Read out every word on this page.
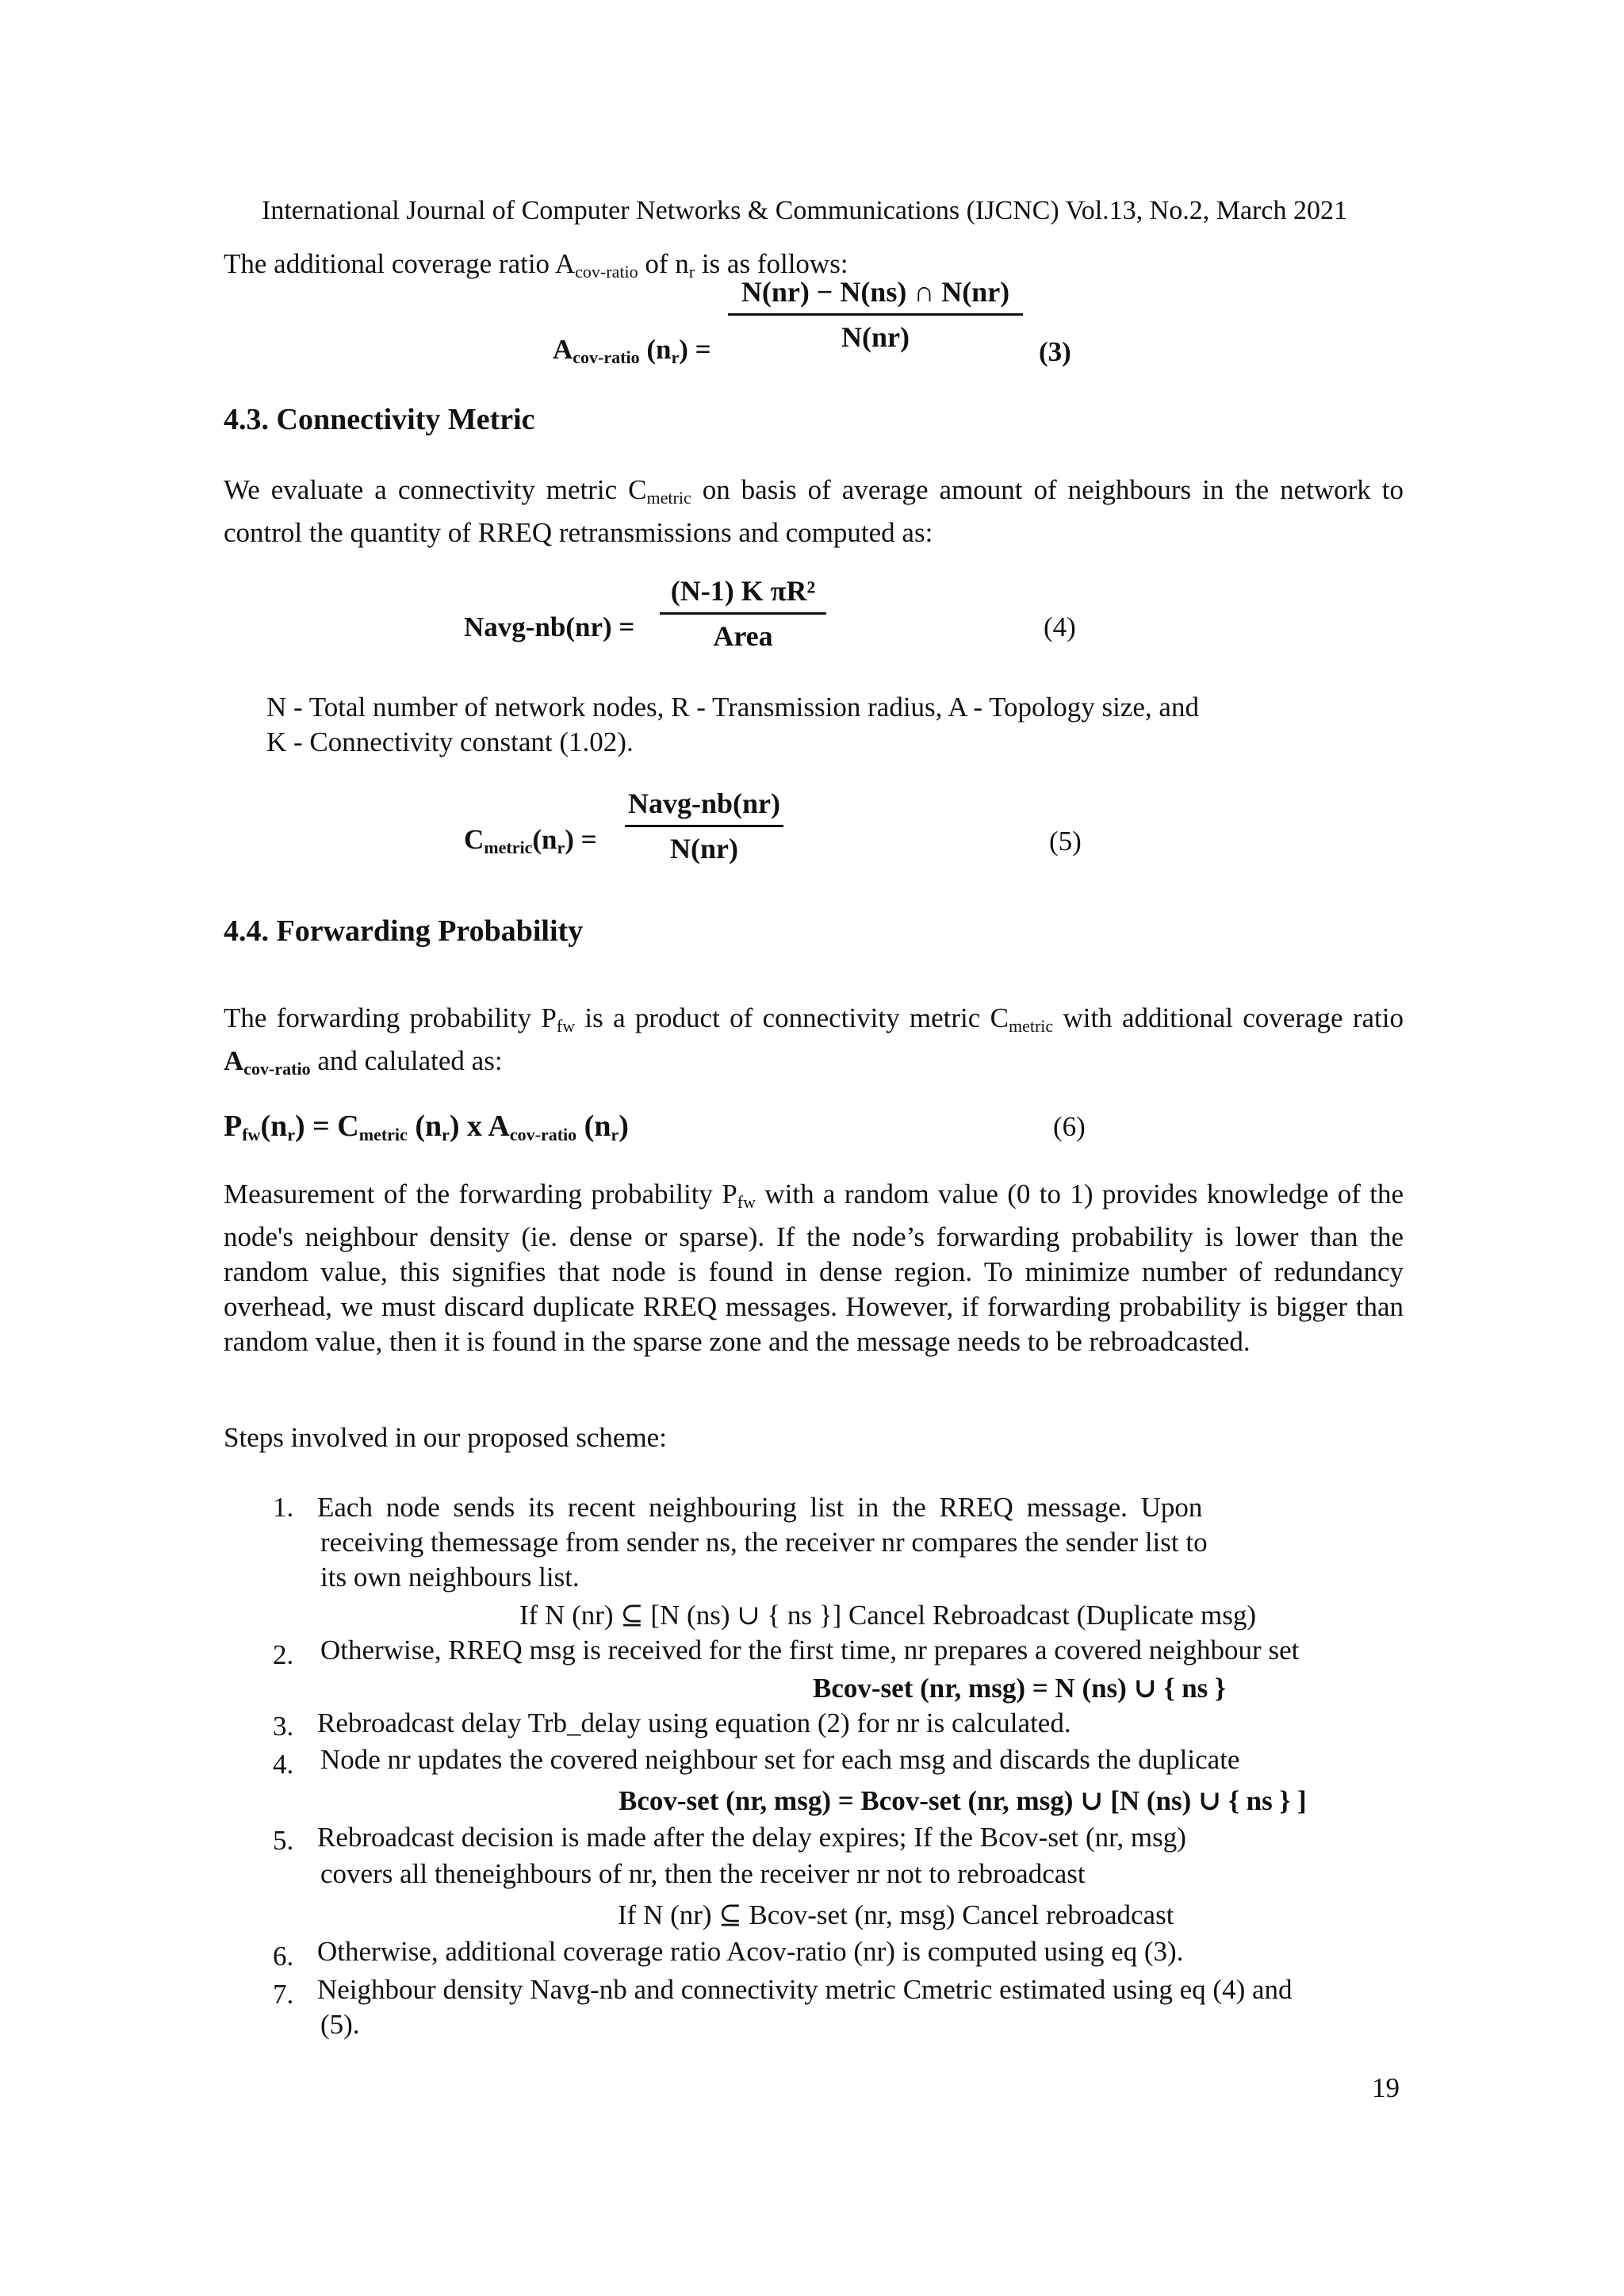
International Journal of Computer Networks & Communications (IJCNC) Vol.13, No.2, March 2021
The additional coverage ratio $A_{cov-ratio}$ of $n_r$ is as follows:
Acov-ratio (nr) =
N(nr) − N(ns) ∩ N(nr)
N(nr)	(3)
4.3. Connectivity Metric
We evaluate a connectivity metric $C_{metric}$ on basis of average amount of neighbours in the network to control the quantity of RREQ retransmissions and computed as:
Navg-nb(nr) =
(N-1) K πR²
Area	(4)
N - Total number of network nodes, R - Transmission radius, A - Topology size, and
K - Connectivity constant (1.02).
Cmetric(nr) =
Navg-nb(nr)
N(nr)	(5)
4.4. Forwarding Probability
The forwarding probability $P_{fw}$ is a product of connectivity metric $C_{metric}$ with additional coverage ratio Acov-ratio and calulated as:
Pfw(nr) = Cmetric (nr) x Acov-ratio (nr)	(6)
Measurement of the forwarding probability $P_{fw}$ with a random value (0 to 1) provides knowledge of the node's neighbour density (ie. dense or sparse). If the node’s forwarding probability is lower than the random value, this signifies that node is found in dense region. To minimize number of redundancy overhead, we must discard duplicate RREQ messages. However, if forwarding probability is bigger than random value, then it is found in the sparse zone and the message needs to be rebroadcasted.
Steps involved in our proposed scheme:
1. Each node sends its recent neighbouring list in the RREQ message. Upon
receiving themessage from sender ns, the receiver nr compares the sender list to
its own neighbours list.
If N (nr) ⊆ [N (ns) ∪ { ns }] Cancel Rebroadcast (Duplicate msg)
2. Otherwise, RREQ msg is received for the first time, nr prepares a covered neighbour set
Bcov-set (nr, msg) = N (ns) ∪ { ns }
3. Rebroadcast delay Trb_delay using equation (2) for nr is calculated.
4. Node nr updates the covered neighbour set for each msg and discards the duplicate
Bcov-set (nr, msg) = Bcov-set (nr, msg) ∪ [N (ns) ∪ { ns } ]
5. Rebroadcast decision is made after the delay expires; If the Bcov-set (nr, msg)
covers all theneighbours of nr, then the receiver nr not to rebroadcast
If N (nr) ⊆ Bcov-set (nr, msg) Cancel rebroadcast
6. Otherwise, additional coverage ratio Acov-ratio (nr) is computed using eq (3).
7. Neighbour density Navg-nb and connectivity metric Cmetric estimated using eq (4) and
(5).
19
